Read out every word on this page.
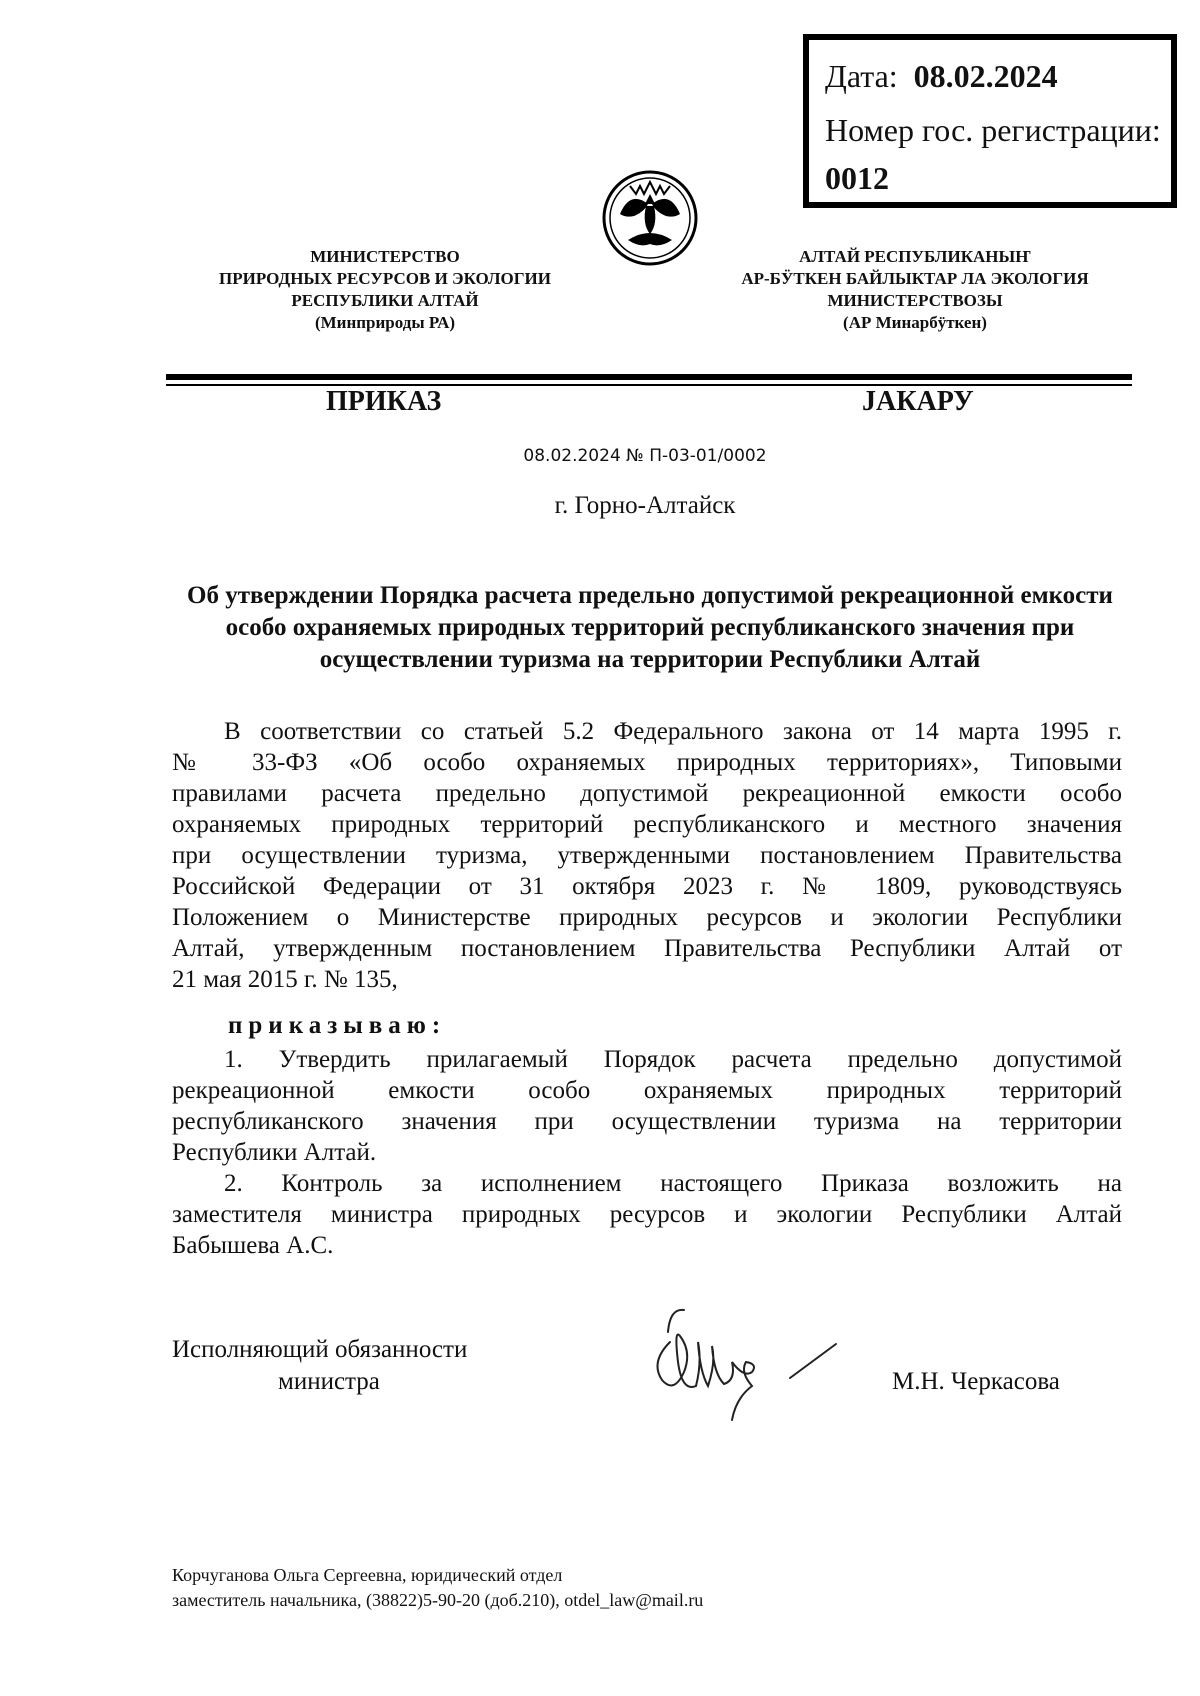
Дата: 08.02.2024
Номер гос. регистрации:
0012
МИНИСТЕРСТВО
ПРИРОДНЫХ РЕСУРСОВ И ЭКОЛОГИИ
РЕСПУБЛИКИ АЛТАЙ
(Минприроды РА)
АЛТАЙ РЕСПУБЛИКАНЫҤ
АР-БӰТКЕН БАЙЛЫКТАР ЛА ЭКОЛОГИЯ
МИНИСТЕРСТВОЗЫ
(АР Минарбӱткен)
ПРИКАЗ	JАКАРУ
08.02.2024 № П-03-01/0002
г. Горно-Алтайск
Об утверждении Порядка расчета предельно допустимой рекреационной емкости особо охраняемых природных территорий республиканского значения при осуществлении туризма на территории Республики Алтай
В соответствии со статьей 5.2 Федерального закона от 14 марта 1995 г.
№ 33-ФЗ «Об особо охраняемых природных территориях», Типовыми
правилами расчета предельно допустимой рекреационной емкости особо
охраняемых природных территорий республиканского и местного значения
при осуществлении туризма, утвержденными постановлением Правительства
Российской Федерации от 31 октября 2023 г. № 1809, руководствуясь
Положением о Министерстве природных ресурсов и экологии Республики
Алтай, утвержденным постановлением Правительства Республики Алтай от
21 мая 2015 г. № 135,
приказываю:
1. Утвердить прилагаемый Порядок расчета предельно допустимой
рекреационной емкости особо охраняемых природных территорий
республиканского значения при осуществлении туризма на территории
Республики Алтай.
2. Контроль за исполнением настоящего Приказа возложить на
заместителя министра природных ресурсов и экологии Республики Алтай
Бабышева А.С.
Исполняющий обязанности
министра	М.Н. Черкасова
Корчуганова Ольга Сергеевна, юридический отдел
заместитель начальника, (38822)5-90-20 (доб.210), otdel_law@mail.ru
